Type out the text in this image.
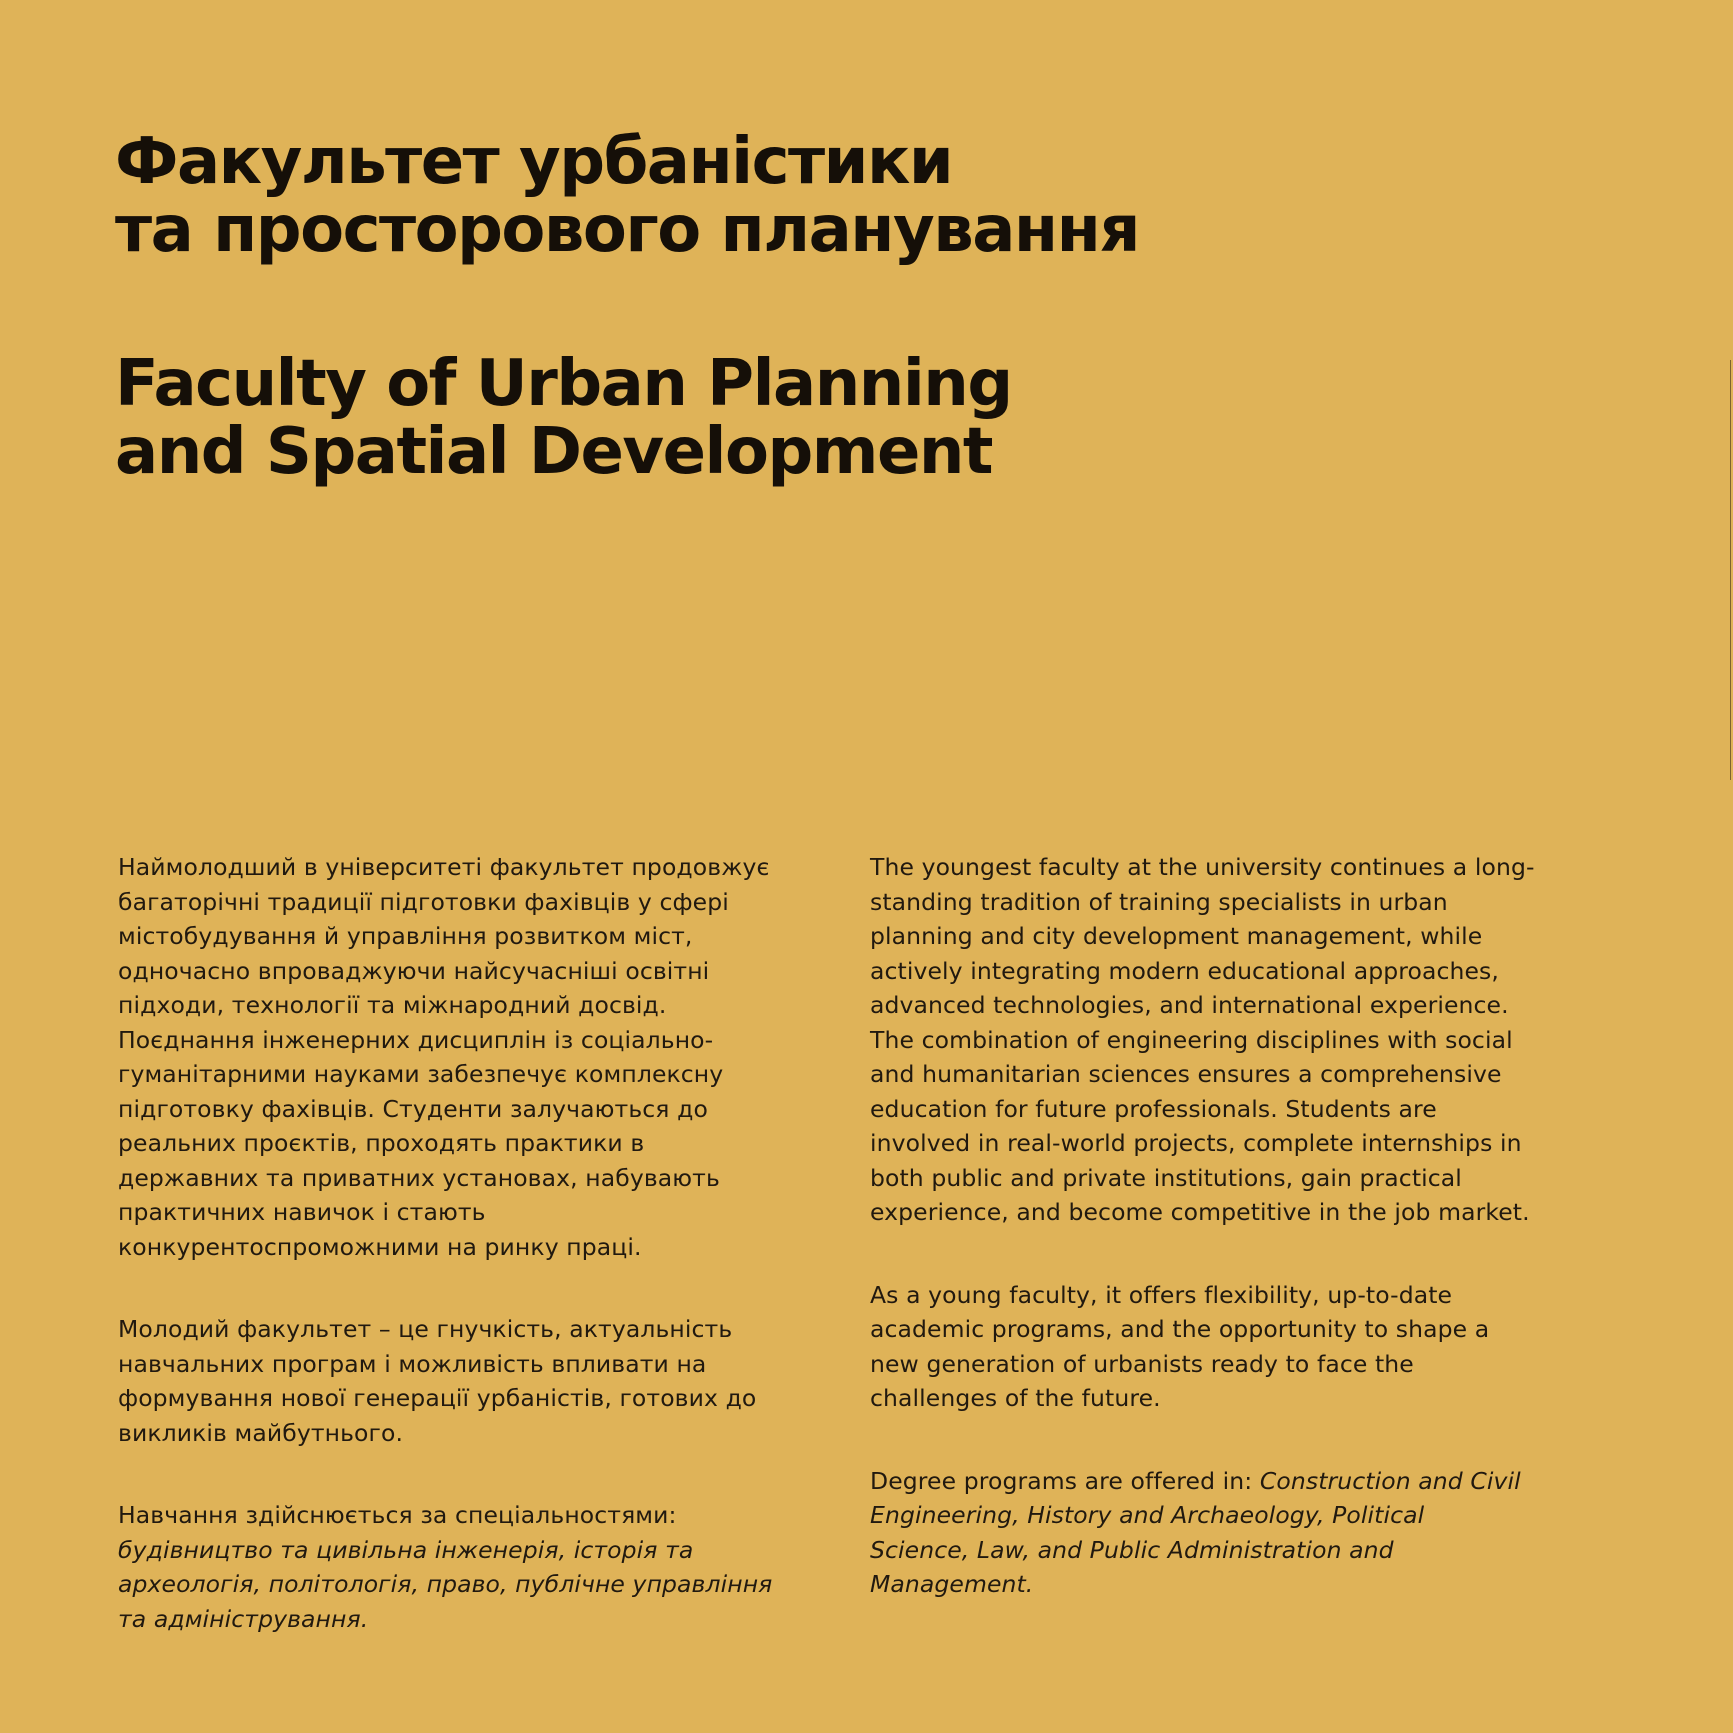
Факультет урбаністики
та просторового планування
Faculty of Urban Planning
and Spatial Development

Наймолодший в університеті факультет продовжує
багаторічні традиції підготовки фахівців у сфері
містобудування й управління розвитком міст,
одночасно впроваджуючи найсучасніші освітні
підходи, технології та міжнародний досвід.
Поєднання інженерних дисциплін із соціально-
гуманітарними науками забезпечує комплексну
підготовку фахівців. Студенти залучаються до
реальних проєктів, проходять практики в
державних та приватних установах, набувають
практичних навичок і стають
конкурентоспроможними на ринку праці.

Молодий факультет – це гнучкість, актуальність
навчальних програм і можливість впливати на
формування нової генерації урбаністів, готових до
викликів майбутнього.

Навчання здійснюється за спеціальностями:
будівництво та цивільна інженерія, історія та
археологія, політологія, право, публічне управління
та адміністрування.

The youngest faculty at the university continues a long-
standing tradition of training specialists in urban
planning and city development management, while
actively integrating modern educational approaches,
advanced technologies, and international experience.
The combination of engineering disciplines with social
and humanitarian sciences ensures a comprehensive
education for future professionals. Students are
involved in real-world projects, complete internships in
both public and private institutions, gain practical
experience, and become competitive in the job market.

As a young faculty, it offers flexibility, up-to-date
academic programs, and the opportunity to shape a
new generation of urbanists ready to face the
challenges of the future.

Degree programs are offered in: Construction and Civil
Engineering, History and Archaeology, Political
Science, Law, and Public Administration and
Management.
